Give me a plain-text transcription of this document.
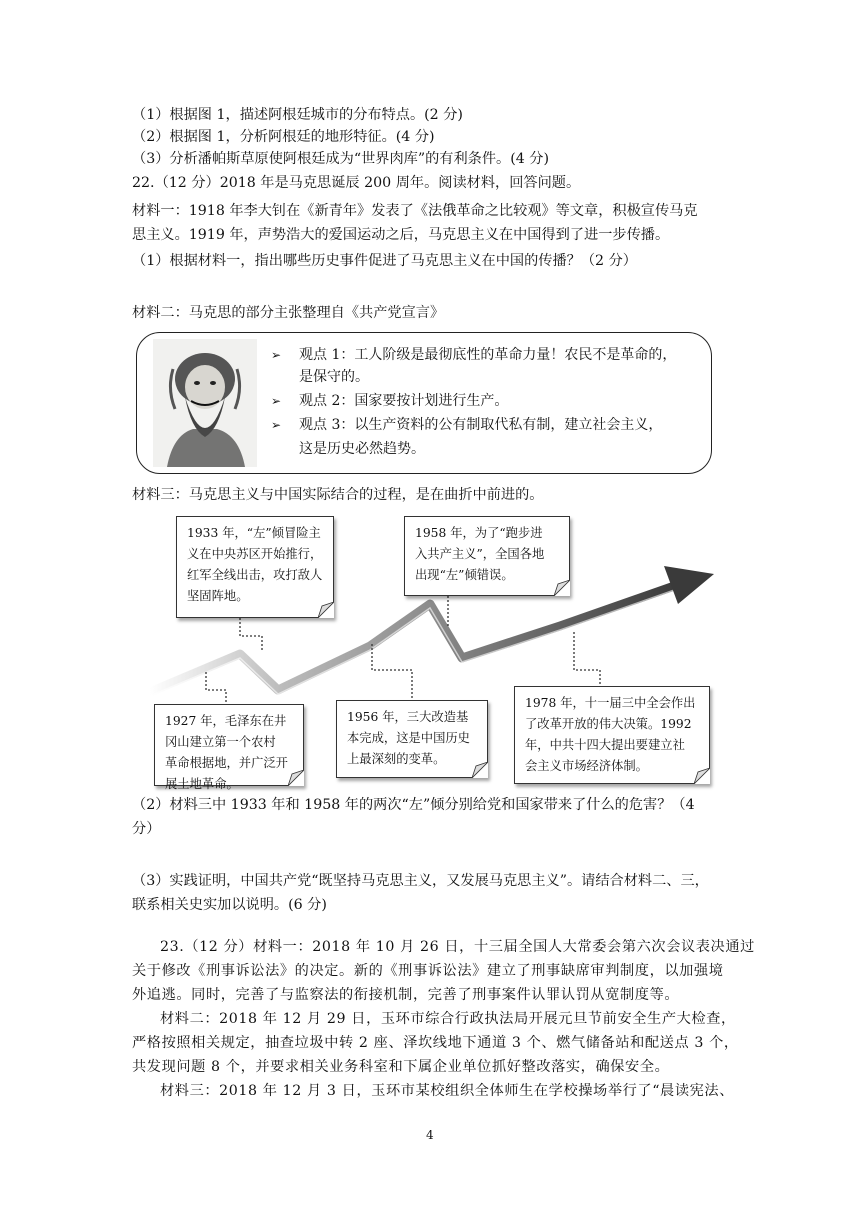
（1）根据图 1，描述阿根廷城市的分布特点。(2 分)
（2）根据图 1，分析阿根廷的地形特征。(4 分)
（3）分析潘帕斯草原使阿根廷成为“世界肉库”的有利条件。(4 分)
22.（12 分）2018 年是马克思诞辰 200 周年。阅读材料，回答问题。
材料一：1918 年李大钊在《新青年》发表了《法俄革命之比较观》等文章，积极宣传马克
思主义。1919 年，声势浩大的爱国运动之后，马克思主义在中国得到了进一步传播。
（1）根据材料一，指出哪些历史事件促进了马克思主义在中国的传播？（2 分）
材料二：马克思的部分主张整理自《共产党宣言》
➢ 观点 1：工人阶级是最彻底性的革命力量！农民不是革命的，
是保守的。
➢ 观点 2：国家要按计划进行生产。
➢ 观点 3：以生产资料的公有制取代私有制，建立社会主义，
这是历史必然趋势。
材料三：马克思主义与中国实际结合的过程，是在曲折中前进的。
1933 年，“左”倾冒险主
义在中央苏区开始推行，
红军全线出击，攻打敌人
坚固阵地。
1958 年，为了“跑步进
入共产主义”，全国各地
出现“左”倾错误。
1927 年，毛泽东在井
冈山建立第一个农村
革命根据地，并广泛开
展土地革命。
1956 年，三大改造基
本完成，这是中国历史
上最深刻的变革。
1978 年，十一届三中全会作出
了改革开放的伟大决策。1992
年，中共十四大提出要建立社
会主义市场经济体制。
（2）材料三中 1933 年和 1958 年的两次“左”倾分别给党和国家带来了什么的危害？（4
分）
（3）实践证明，中国共产党“既坚持马克思主义，又发展马克思主义”。请结合材料二、三，
联系相关史实加以说明。(6 分)
23.（12 分）材料一：2018 年 10 月 26 日，十三届全国人大常委会第六次会议表决通过
关于修改《刑事诉讼法》的决定。新的《刑事诉讼法》建立了刑事缺席审判制度，以加强境
外追逃。同时，完善了与监察法的衔接机制，完善了刑事案件认罪认罚从宽制度等。
材料二：2018 年 12 月 29 日，玉环市综合行政执法局开展元旦节前安全生产大检查，
严格按照相关规定，抽查垃圾中转 2 座、泽坎线地下通道 3 个、燃气储备站和配送点 3 个，
共发现问题 8 个，并要求相关业务科室和下属企业单位抓好整改落实，确保安全。
材料三：2018 年 12 月 3 日，玉环市某校组织全体师生在学校操场举行了“晨读宪法、
4
